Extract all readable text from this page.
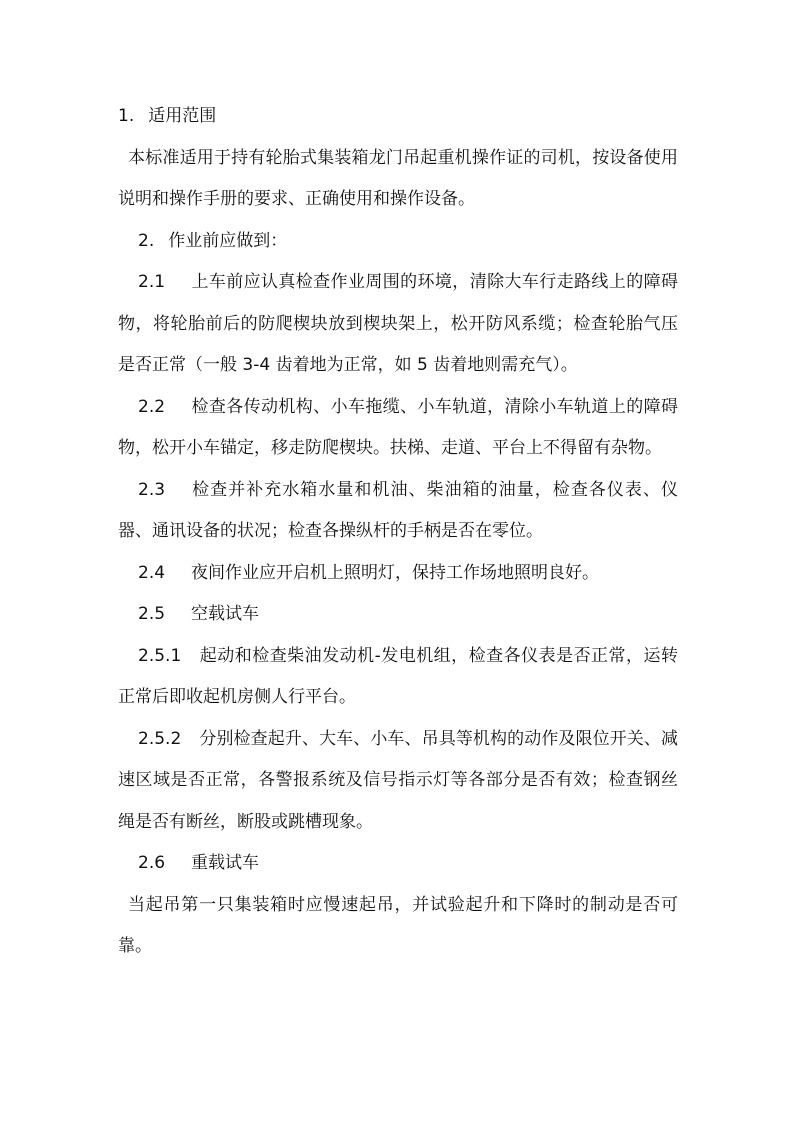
1. 适用范围

本标准适用于持有轮胎式集装箱龙门吊起重机操作证的司机，按设备使用说明和操作手册的要求、正确使用和操作设备。

2. 作业前应做到：

2.1 上车前应认真检查作业周围的环境，清除大车行走路线上的障碍物，将轮胎前后的防爬楔块放到楔块架上，松开防风系缆；检查轮胎气压是否正常（一般 3-4 齿着地为正常，如 5 齿着地则需充气）。

2.2 检查各传动机构、小车拖缆、小车轨道，清除小车轨道上的障碍物，松开小车锚定，移走防爬楔块。扶梯、走道、平台上不得留有杂物。

2.3 检查并补充水箱水量和机油、柴油箱的油量，检查各仪表、仪器、通讯设备的状况；检查各操纵杆的手柄是否在零位。

2.4 夜间作业应开启机上照明灯，保持工作场地照明良好。

2.5 空载试车

2.5.1 起动和检查柴油发动机-发电机组，检查各仪表是否正常，运转正常后即收起机房侧人行平台。

2.5.2 分别检查起升、大车、小车、吊具等机构的动作及限位开关、减速区域是否正常，各警报系统及信号指示灯等各部分是否有效；检查钢丝绳是否有断丝，断股或跳槽现象。

2.6 重载试车

当起吊第一只集装箱时应慢速起吊，并试验起升和下降时的制动是否可靠。
